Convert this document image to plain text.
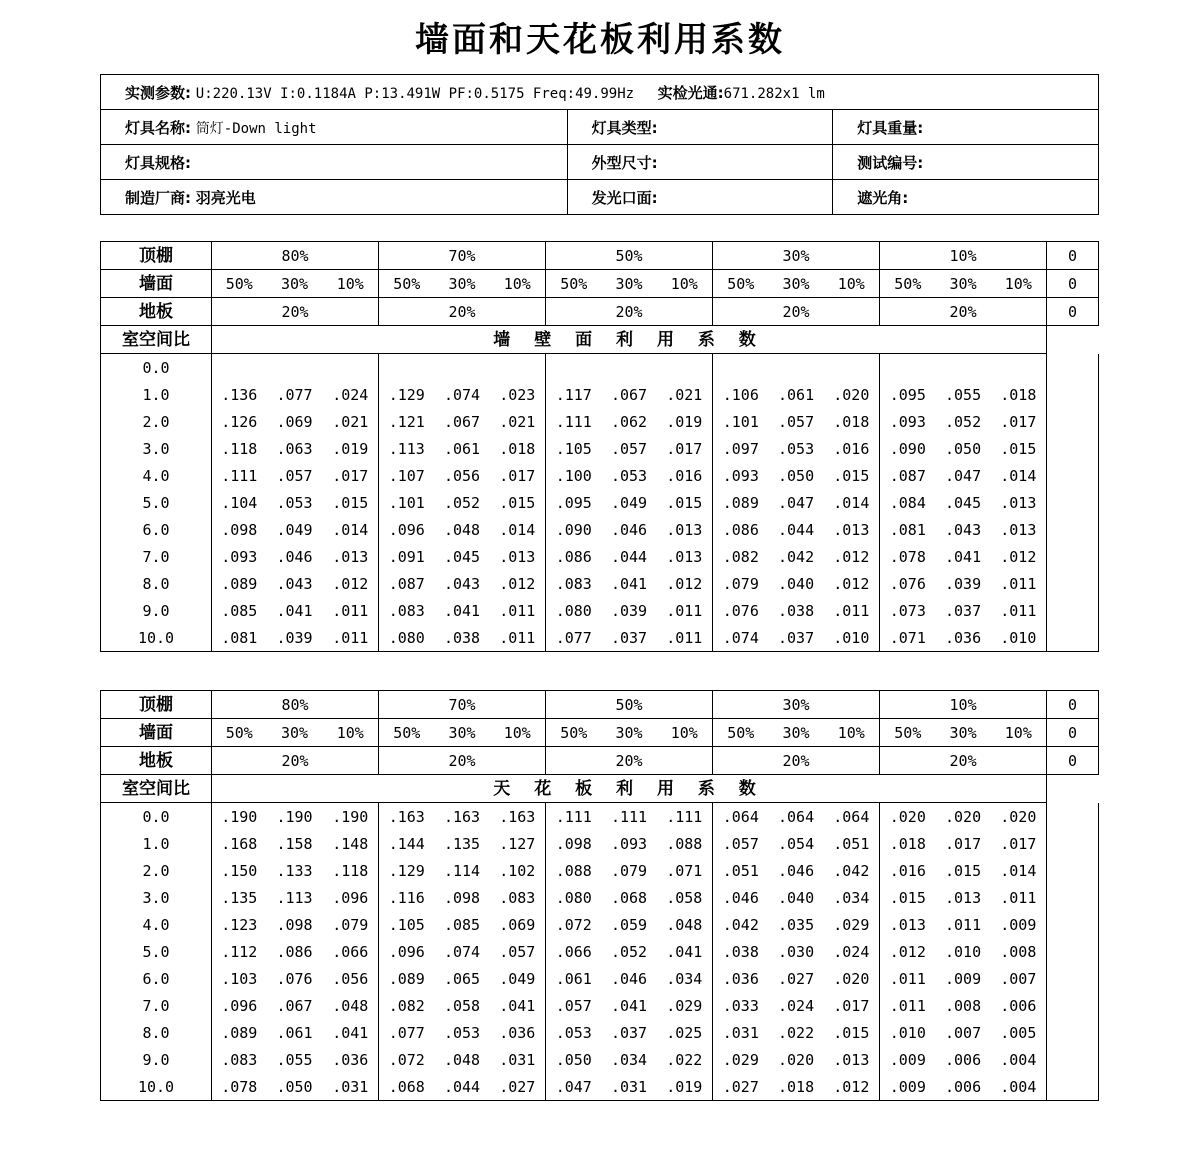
墙面和天花板利用系数
实测参数: U:220.13V I:0.1184A P:13.491W PF:0.5175 Freq:49.99Hz 实检光通:671.282x1 lm		
灯具名称: 筒灯-Down light	灯具类型:	灯具重量:
灯具规格:	外型尺寸:	测试编号:
制造厂商: 羽亮光电	发光口面:	遮光角:
顶棚	80%			70%			50%			30%			10%			0
墙面	50%	30%	10%	50%	30%	10%	50%	30%	10%	50%	30%	10%	50%	30%	10%	0
地板	20%			20%			20%			20%			20%			0
室空间比	墙 壁 面 利 用 系 数															
0.0																
1.0	.136	.077	.024	.129	.074	.023	.117	.067	.021	.106	.061	.020	.095	.055	.018	
2.0	.126	.069	.021	.121	.067	.021	.111	.062	.019	.101	.057	.018	.093	.052	.017	
3.0	.118	.063	.019	.113	.061	.018	.105	.057	.017	.097	.053	.016	.090	.050	.015	
4.0	.111	.057	.017	.107	.056	.017	.100	.053	.016	.093	.050	.015	.087	.047	.014	
5.0	.104	.053	.015	.101	.052	.015	.095	.049	.015	.089	.047	.014	.084	.045	.013	
6.0	.098	.049	.014	.096	.048	.014	.090	.046	.013	.086	.044	.013	.081	.043	.013	
7.0	.093	.046	.013	.091	.045	.013	.086	.044	.013	.082	.042	.012	.078	.041	.012	
8.0	.089	.043	.012	.087	.043	.012	.083	.041	.012	.079	.040	.012	.076	.039	.011	
9.0	.085	.041	.011	.083	.041	.011	.080	.039	.011	.076	.038	.011	.073	.037	.011	
10.0	.081	.039	.011	.080	.038	.011	.077	.037	.011	.074	.037	.010	.071	.036	.010	
顶棚	80%			70%			50%			30%			10%			0
墙面	50%	30%	10%	50%	30%	10%	50%	30%	10%	50%	30%	10%	50%	30%	10%	0
地板	20%			20%			20%			20%			20%			0
室空间比	天 花 板 利 用 系 数															
0.0	.190	.190	.190	.163	.163	.163	.111	.111	.111	.064	.064	.064	.020	.020	.020	
1.0	.168	.158	.148	.144	.135	.127	.098	.093	.088	.057	.054	.051	.018	.017	.017	
2.0	.150	.133	.118	.129	.114	.102	.088	.079	.071	.051	.046	.042	.016	.015	.014	
3.0	.135	.113	.096	.116	.098	.083	.080	.068	.058	.046	.040	.034	.015	.013	.011	
4.0	.123	.098	.079	.105	.085	.069	.072	.059	.048	.042	.035	.029	.013	.011	.009	
5.0	.112	.086	.066	.096	.074	.057	.066	.052	.041	.038	.030	.024	.012	.010	.008	
6.0	.103	.076	.056	.089	.065	.049	.061	.046	.034	.036	.027	.020	.011	.009	.007	
7.0	.096	.067	.048	.082	.058	.041	.057	.041	.029	.033	.024	.017	.011	.008	.006	
8.0	.089	.061	.041	.077	.053	.036	.053	.037	.025	.031	.022	.015	.010	.007	.005	
9.0	.083	.055	.036	.072	.048	.031	.050	.034	.022	.029	.020	.013	.009	.006	.004	
10.0	.078	.050	.031	.068	.044	.027	.047	.031	.019	.027	.018	.012	.009	.006	.004	
